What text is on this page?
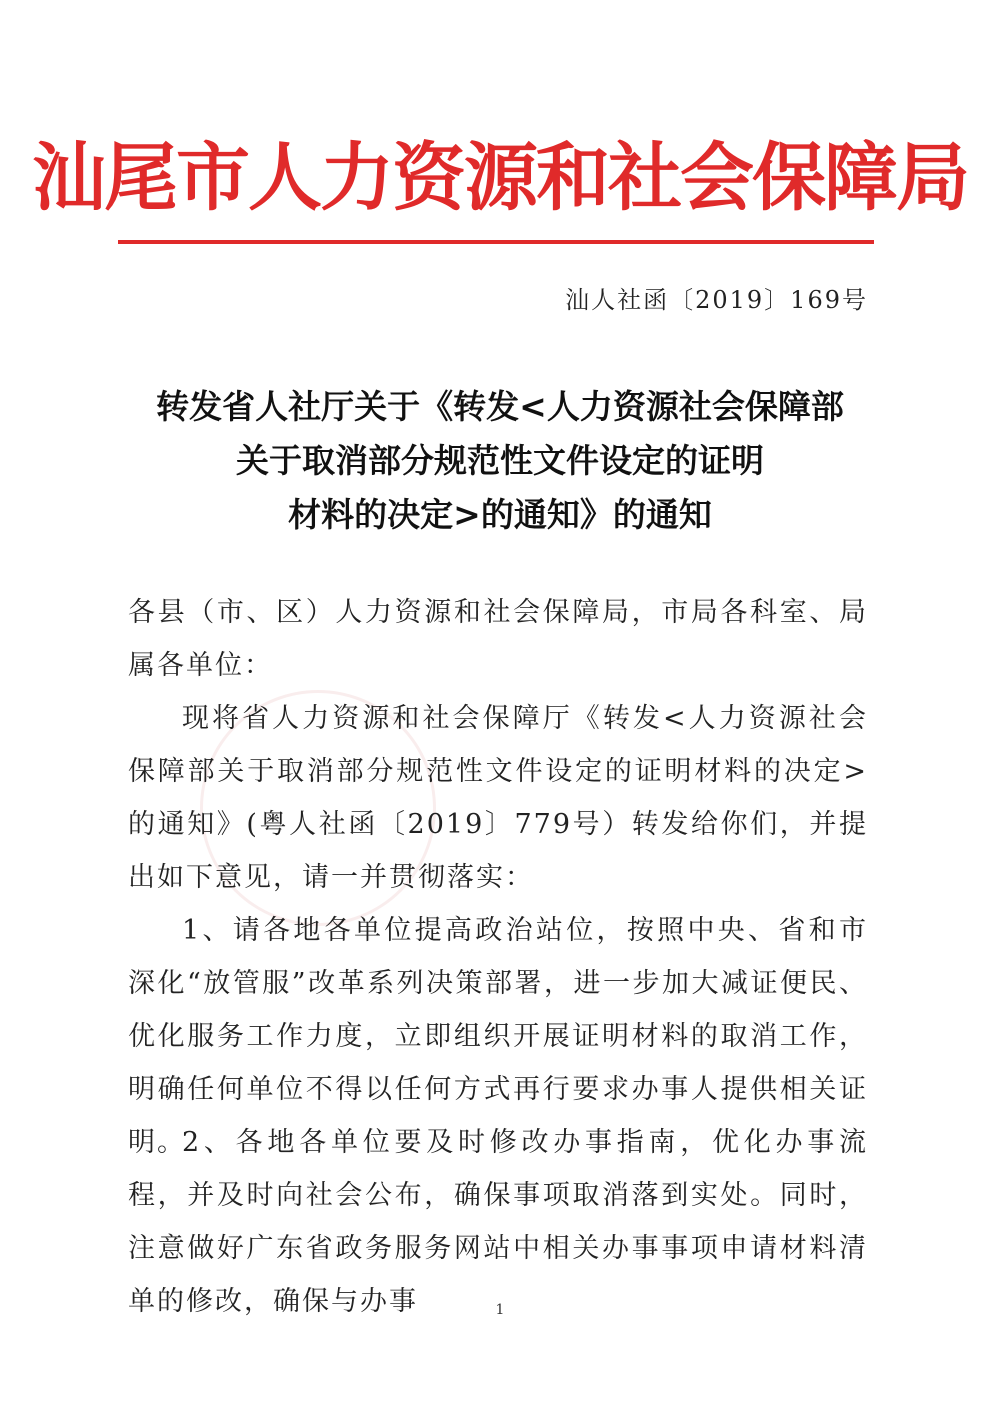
汕尾市人力资源和社会保障局
汕人社函〔2019〕169号
转发省人社厅关于《转发<人力资源社会保障部
关于取消部分规范性文件设定的证明
材料的决定>的通知》的通知
各县（市、区）人力资源和社会保障局，市局各科室、局属各单位：
现将省人力资源和社会保障厅《转发<人力资源社会保障部关于取消部分规范性文件设定的证明材料的决定>的通知》(粤人社函〔2019〕779号）转发给你们，并提出如下意见，请一并贯彻落实：
1、请各地各单位提高政治站位，按照中央、省和市深化“放管服”改革系列决策部署，进一步加大减证便民、优化服务工作力度，立即组织开展证明材料的取消工作，明确任何单位不得以任何方式再行要求办事人提供相关证明。
2、各地各单位要及时修改办事指南，优化办事流程，并及时向社会公布，确保事项取消落到实处。同时，注意做好广东省政务服务网站中相关办事事项申请材料清单的修改，确保与办事	1
